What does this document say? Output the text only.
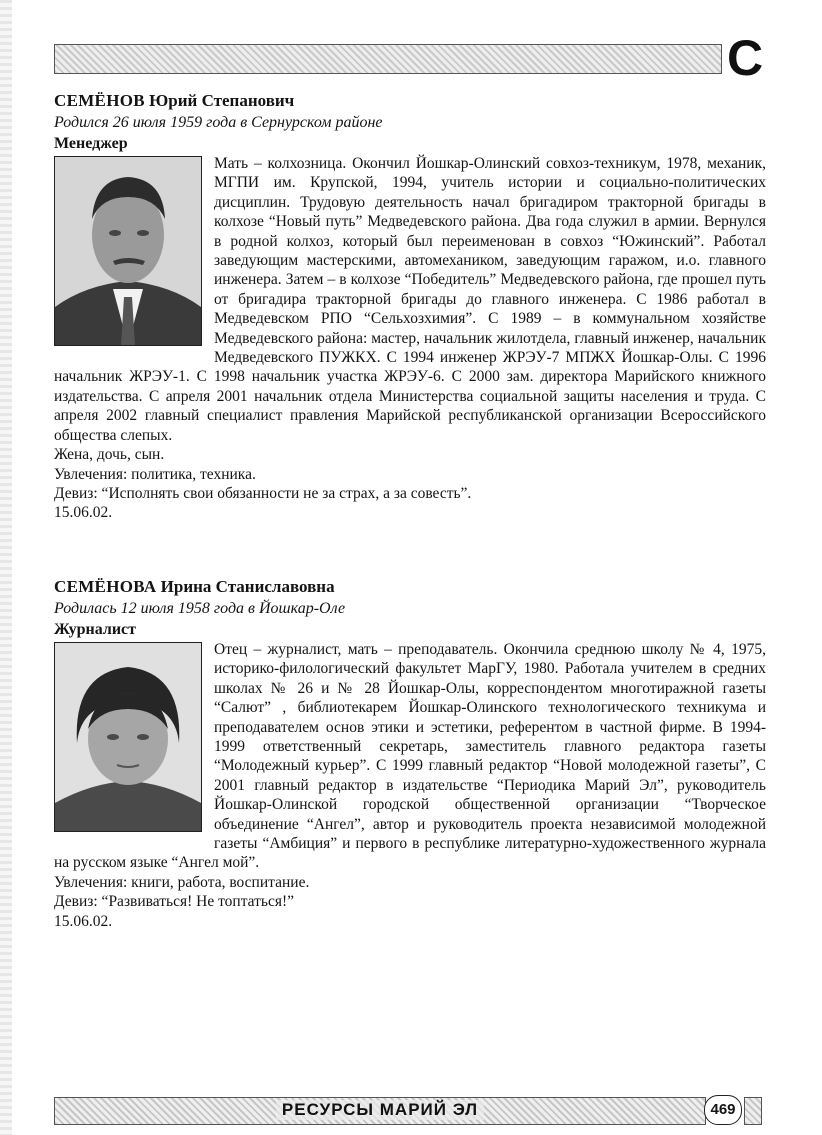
С
СЕМЁНОВ Юрий Степанович
Родился 26 июля 1959 года в Сернурском районе
Менеджер
Мать – колхозница. Окончил Йошкар-Олинский совхоз-техникум, 1978, механик, МГПИ им. Крупской, 1994, учитель истории и социально-политических дисциплин. Трудовую деятельность начал бригадиром тракторной бригады в колхозе “Новый путь” Медведевского района. Два года служил в армии. Вернулся в родной колхоз, который был переименован в совхоз “Южинский”. Работал заведующим мастерскими, автомехаником, заведующим гаражом, и.о. главного инженера. Затем – в колхозе “Победитель” Медведевского района, где прошел путь от бригадира тракторной бригады до главного инженера. С 1986 работал в Медведевском РПО “Сельхозхимия”. С 1989 – в коммунальном хозяйстве Медведевского района: мастер, начальник жилотдела, главный инженер, начальник Медведевского ПУЖКХ. С 1994 инженер ЖРЭУ-7 МПЖХ Йошкар-Олы. С 1996 начальник ЖРЭУ-1. С 1998 начальник участка ЖРЭУ-6. С 2000 зам. директора Марийского книжного издательства. С апреля 2001 начальник отдела Министерства социальной защиты населения и труда. С апреля 2002 главный специалист правления Марийской республиканской организации Всероссийского общества слепых.
Жена, дочь, сын.
Увлечения: политика, техника.
Девиз: “Исполнять свои обязанности не за страх, а за совесть”.
15.06.02.
СЕМЁНОВА Ирина Станиславовна
Родилась 12 июля 1958 года в Йошкар-Оле
Журналист
Отец – журналист, мать – преподаватель. Окончила среднюю школу № 4, 1975, историко-филологический факультет МарГУ, 1980. Работала учителем в средних школах № 26 и № 28 Йошкар-Олы, корреспондентом многотиражной газеты “Салют” , библиотекарем Йошкар-Олинского технологического техникума и преподавателем основ этики и эстетики, референтом в частной фирме. В 1994-1999 ответственный секретарь, заместитель главного редактора газеты “Молодежный курьер”. С 1999 главный редактор “Новой молодежной газеты”, С 2001 главный редактор в издательстве “Периодика Марий Эл”, руководитель Йошкар-Олинской городской общественной организации “Творческое объединение “Ангел”, автор и руководитель проекта независимой молодежной газеты “Амбиция” и первого в республике литературно-художественного журнала на русском языке “Ангел мой”.
Увлечения: книги, работа, воспитание.
Девиз: “Развиваться! Не топтаться!”
15.06.02.
РЕСУРСЫ МАРИЙ ЭЛ	469
